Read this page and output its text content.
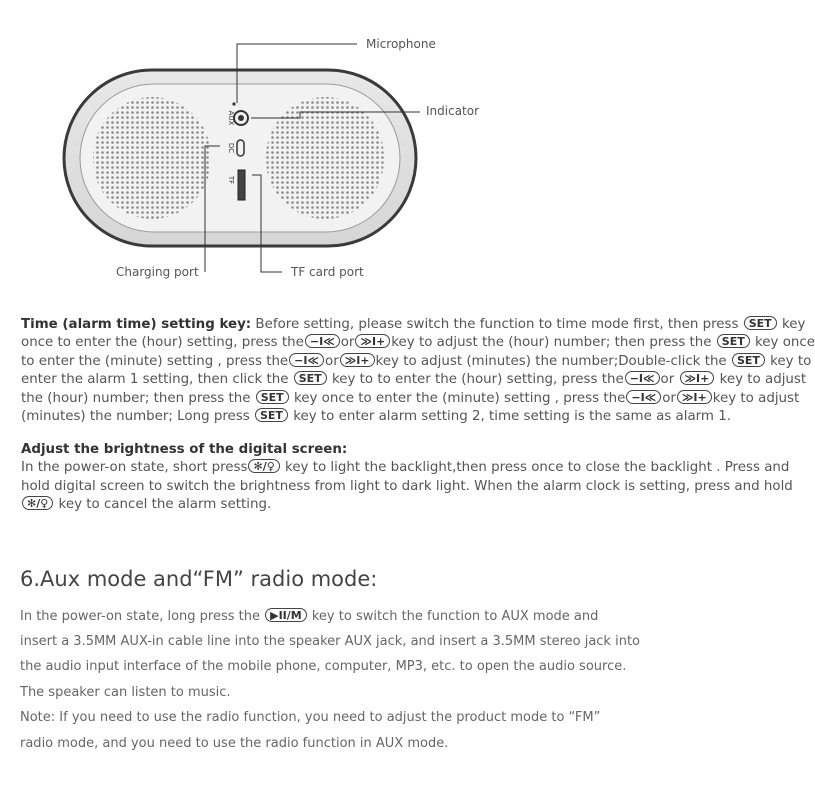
AUX
DC
TF
Microphone
Indicator
Charging port	TF card port
Time (alarm time) setting key: Before setting, please switch the function to time mode first, then press SET key
once to enter the (hour) setting, press the −I≪ or ≫I+ key to adjust the (hour) number; then press the SET key once
to enter the (minute) setting , press the −I≪ or ≫I+ key to adjust (minutes) the number;Double-click the SET key to
enter the alarm 1 setting, then click the SET key to to enter the (hour) setting, press the −I≪ or ≫I+ key to adjust
the (hour) number; then press the SET key once to enter the (minute) setting , press the −I≪ or ≫I+ key to adjust
(minutes) the number; Long press SET key to enter alarm setting 2, time setting is the same as alarm 1.
Adjust the brightness of the digital screen:
In the power-on state, short press ✻/♀ key to light the backlight,then press once to close the backlight . Press and
hold digital screen to switch the brightness from light to dark light. When the alarm clock is setting, press and hold
✻/♀ key to cancel the alarm setting.
6.Aux mode and“FM” radio mode:
In the power-on state, long press the ▶II/M key to switch the function to AUX mode and
insert a 3.5MM AUX-in cable line into the speaker AUX jack, and insert a 3.5MM stereo jack into
the audio input interface of the mobile phone, computer, MP3, etc. to open the audio source.
The speaker can listen to music.
Note: If you need to use the radio function, you need to adjust the product mode to “FM”
radio mode, and you need to use the radio function in AUX mode.
